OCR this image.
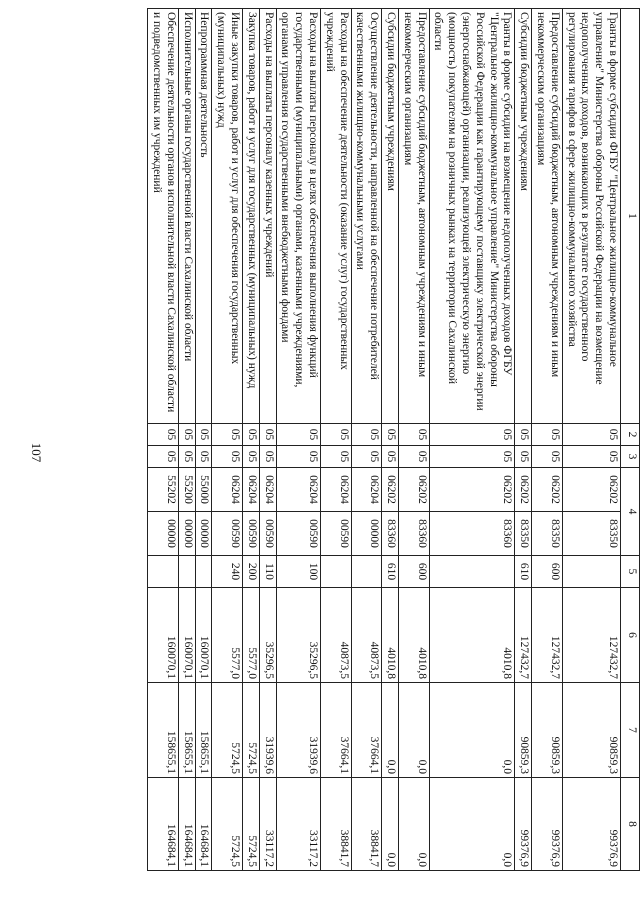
1	2	3	4		5	6	7	8
Гранты в форме субсидии ФГБУ "Центральное жилищно-коммунальное управление" Министерства обороны Российской Федерации на возмещение недополученных доходов, возникающих в результате государственного регулирования тарифов в сфере жилищно-коммунального хозяйства	05	05	06202	83350		127432,7	90859,3	99376,9
Предоставление субсидий бюджетным, автономным учреждениям и иным некоммерческим организациям	05	05	06202	83350	600	127432,7	90859,3	99376,9
Субсидии бюджетным учреждениям	05	05	06202	83350	610	127432,7	90859,3	99376,9
Гранты в форме субсидии на возмещение недополученных доходов ФГБУ "Центральное жилищно-коммунальное управление" Министерства обороны Российской Федерации как гарантирующему поставщику электрической энергии (энергоснабжающей) организации, реализующей электрическую энергию (мощность) покупателям на розничных рынках на территории Сахалинской области	05	05	06202	83360		4010,8	0,0	0,0
Предоставление субсидий бюджетным, автономным учреждениям и иным некоммерческим организациям	05	05	06202	83360	600	4010,8	0,0	0,0
Субсидии бюджетным учреждениям	05	05	06202	83360	610	4010,8	0,0	0,0
Осуществление деятельности, направленной на обеспечение потребителей качественными жилищно-коммунальными услугами	05	05	06204	00000		40873,5	37664,1	38841,7
Расходы на обеспечение деятельности (оказание услуг) государственных учреждений	05	05	06204	00590		40873,5	37664,1	38841,7
Расходы на выплаты персоналу в целях обеспечения выполнения функций государственными (муниципальными) органами, казенными учреждениями, органами управления государственными внебюджетными фондами	05	05	06204	00590	100	35296,5	31939,6	33117,2
Расходы на выплаты персоналу казенных учреждений	05	05	06204	00590	110	35296,5	31939,6	33117,2
Закупка товаров, работ и услуг для государственных (муниципальных) нужд	05	05	06204	00590	200	5577,0	5724,5	5724,5
Иные закупки товаров, работ и услуг для обеспечения государственных (муниципальных) нужд	05	05	06204	00590	240	5577,0	5724,5	5724,5
Непрограммная деятельность	05	05	55000	00000		160070,1	158655,1	164684,1
Исполнительные органы государственной власти Сахалинской области	05	05	55200	00000		160070,1	158655,1	164684,1
Обеспечение деятельности органов исполнительной власти Сахалинской области и подведомственных им учреждений	05	05	55202	00000		160070,1	158655,1	164684,1
107
